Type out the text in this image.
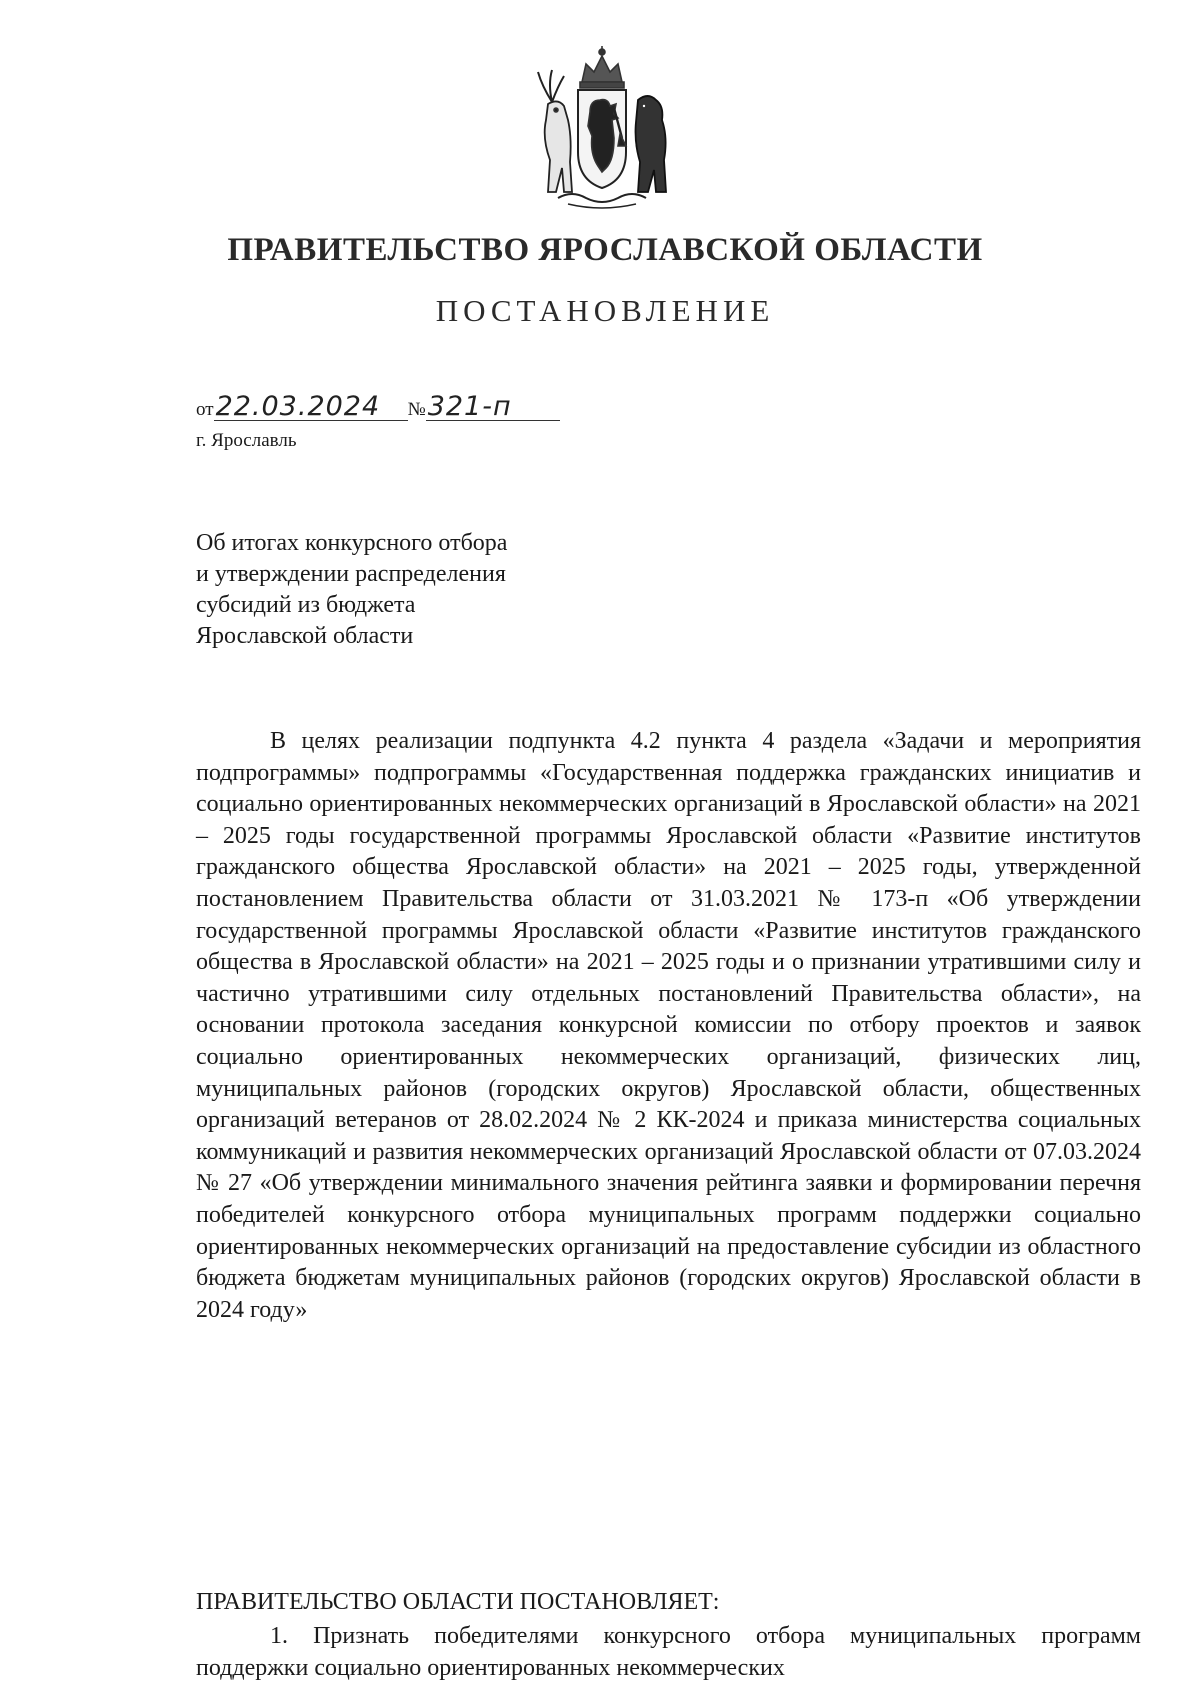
ПРАВИТЕЛЬСТВО ЯРОСЛАВСКОЙ ОБЛАСТИ
ПОСТАНОВЛЕНИЕ
от 22.03.2024	№ 321-п
г. Ярославль
Об итогах конкурсного отбора
и утверждении распределения
субсидий из бюджета
Ярославской области

В целях реализации подпункта 4.2 пункта 4 раздела «Задачи и мероприятия подпрограммы» подпрограммы «Государственная поддержка гражданских инициатив и социально ориентированных некоммерческих организаций в Ярославской области» на 2021 – 2025 годы государственной программы Ярославской области «Развитие институтов гражданского общества Ярославской области» на 2021 – 2025 годы, утвержденной постановлением Правительства области от 31.03.2021 № 173-п «Об утверждении государственной программы Ярославской области «Развитие институтов гражданского общества в Ярославской области» на 2021 – 2025 годы и о признании утратившими силу и частично утратившими силу отдельных постановлений Правительства области», на основании протокола заседания конкурсной комиссии по отбору проектов и заявок социально ориентированных некоммерческих организаций, физических лиц, муниципальных районов (городских округов) Ярославской области, общественных организаций ветеранов от 28.02.2024 № 2 КК-2024 и приказа министерства социальных коммуникаций и развития некоммерческих организаций Ярославской области от 07.03.2024 № 27 «Об утверждении минимального значения рейтинга заявки и формировании перечня победителей конкурсного отбора муниципальных программ поддержки социально ориентированных некоммерческих организаций на предоставление субсидии из областного бюджета бюджетам муниципальных районов (городских округов) Ярославской области в 2024 году»

ПРАВИТЕЛЬСТВО ОБЛАСТИ ПОСТАНОВЛЯЕТ:
1. Признать победителями конкурсного отбора муниципальных программ поддержки социально ориентированных некоммерческих
